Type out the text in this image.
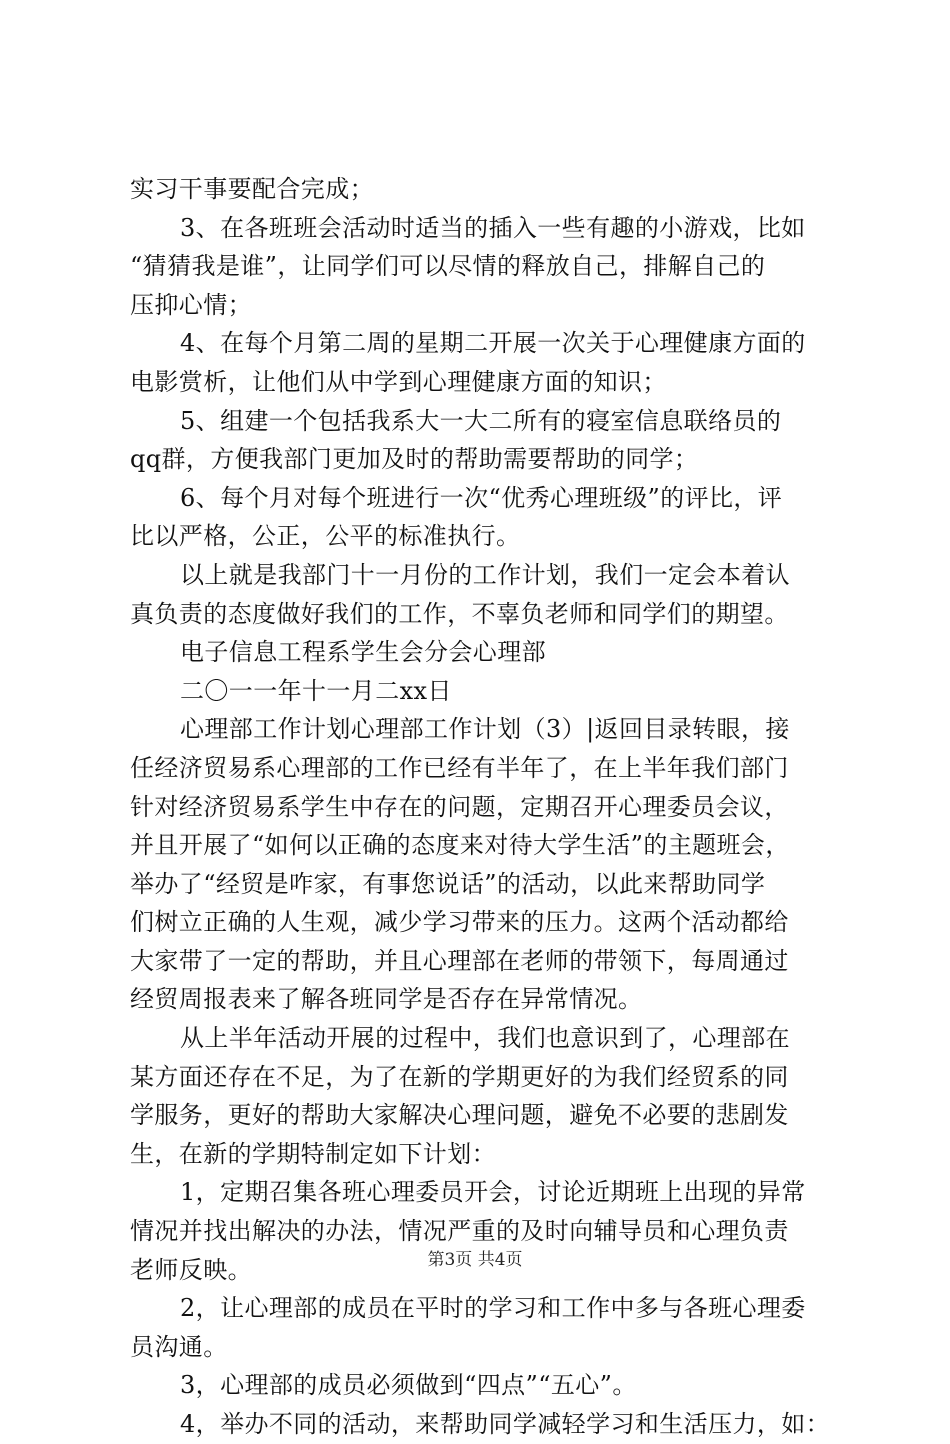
实习干事要配合完成；
3、在各班班会活动时适当的插入一些有趣的小游戏，比如
“猜猜我是谁”，让同学们可以尽情的释放自己，排解自己的
压抑心情；
4、在每个月第二周的星期二开展一次关于心理健康方面的
电影赏析，让他们从中学到心理健康方面的知识；
5、组建一个包括我系大一大二所有的寝室信息联络员的
qq群，方便我部门更加及时的帮助需要帮助的同学；
6、每个月对每个班进行一次“优秀心理班级”的评比，评
比以严格，公正，公平的标准执行。
以上就是我部门十一月份的工作计划，我们一定会本着认
真负责的态度做好我们的工作，不辜负老师和同学们的期望。
电子信息工程系学生会分会心理部
二〇一一年十一月二xx日
心理部工作计划心理部工作计划（3）|返回目录转眼，接
任经济贸易系心理部的工作已经有半年了，在上半年我们部门
针对经济贸易系学生中存在的问题，定期召开心理委员会议，
并且开展了“如何以正确的态度来对待大学生活”的主题班会，
举办了“经贸是咋家，有事您说话”的活动，以此来帮助同学
们树立正确的人生观，减少学习带来的压力。这两个活动都给
大家带了一定的帮助，并且心理部在老师的带领下，每周通过
经贸周报表来了解各班同学是否存在异常情况。
从上半年活动开展的过程中，我们也意识到了，心理部在
某方面还存在不足，为了在新的学期更好的为我们经贸系的同
学服务，更好的帮助大家解决心理问题，避免不必要的悲剧发
生，在新的学期特制定如下计划：
1，定期召集各班心理委员开会，讨论近期班上出现的异常
情况并找出解决的办法，情况严重的及时向辅导员和心理负责
老师反映。
2，让心理部的成员在平时的学习和工作中多与各班心理委
员沟通。
3，心理部的成员必须做到“四点”“五心”。
4，举办不同的活动，来帮助同学减轻学习和生活压力，如：
第3页 共4页
